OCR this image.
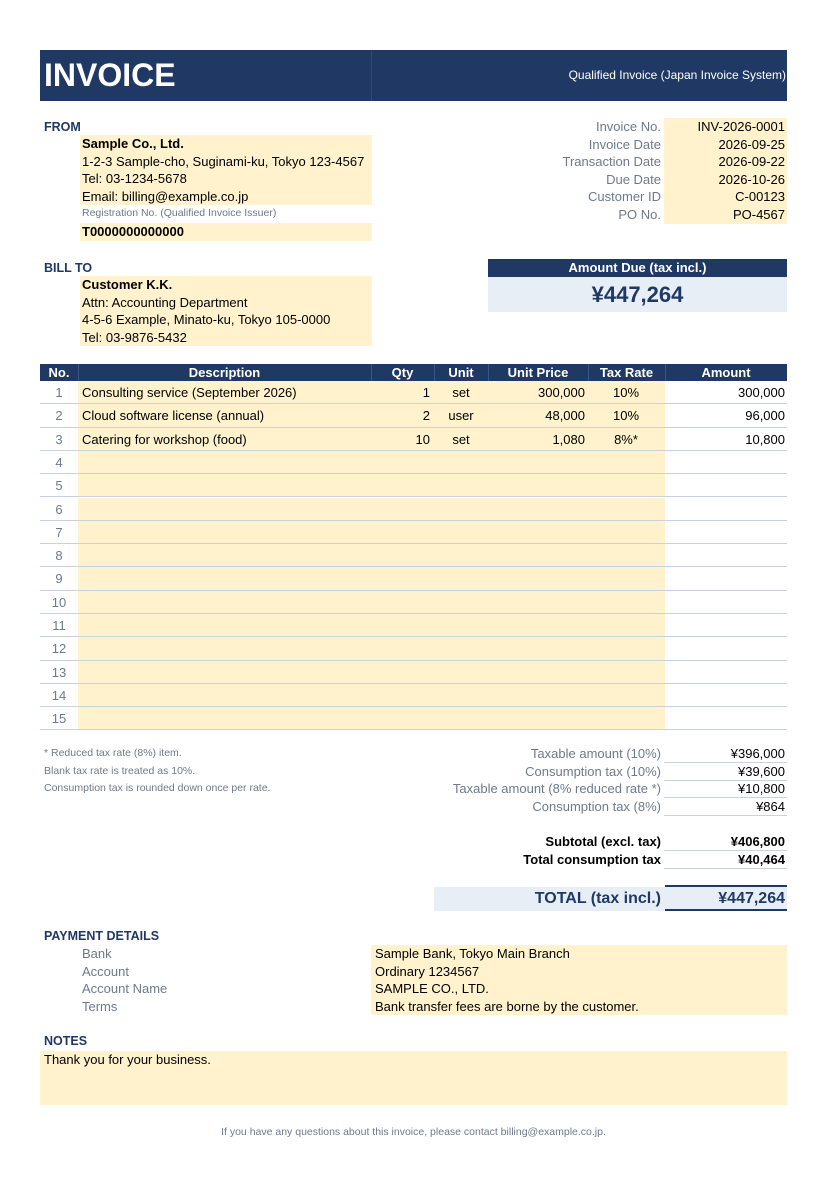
INVOICE	Qualified Invoice (Japan Invoice System)
FROM
Sample Co., Ltd.
1-2-3 Sample-cho, Suginami-ku, Tokyo 123-4567
Tel: 03-1234-5678
Email: billing@example.co.jp
Registration No. (Qualified Invoice Issuer)
T0000000000000
Invoice No.	INV-2026-0001
Invoice Date	2026-09-25
Transaction Date	2026-09-22
Due Date	2026-10-26
Customer ID	C-00123
PO No.	PO-4567
BILL TO
Customer K.K.
Attn: Accounting Department
4-5-6 Example, Minato-ku, Tokyo 105-0000
Tel: 03-9876-5432
Amount Due (tax incl.)
¥447,264
No.	Description	Qty	Unit	Unit Price	Tax Rate	Amount
1	Consulting service (September 2026)	1	set	300,000	10%	300,000
2	Cloud software license (annual)	2	user	48,000	10%	96,000
3	Catering for workshop (food)	10	set	1,080	8%*	10,800
4
5
6
7
8
9
10
11
12
13
14
15
* Reduced tax rate (8%) item.
Blank tax rate is treated as 10%.
Consumption tax is rounded down once per rate.
Taxable amount (10%)	¥396,000
Consumption tax (10%)	¥39,600
Taxable amount (8% reduced rate *)	¥10,800
Consumption tax (8%)	¥864
Subtotal (excl. tax)	¥406,800
Total consumption tax	¥40,464
TOTAL (tax incl.)	¥447,264
PAYMENT DETAILS
Bank	Sample Bank, Tokyo Main Branch
Account	Ordinary 1234567
Account Name	SAMPLE CO., LTD.
Terms	Bank transfer fees are borne by the customer.
NOTES
Thank you for your business.
If you have any questions about this invoice, please contact billing@example.co.jp.
